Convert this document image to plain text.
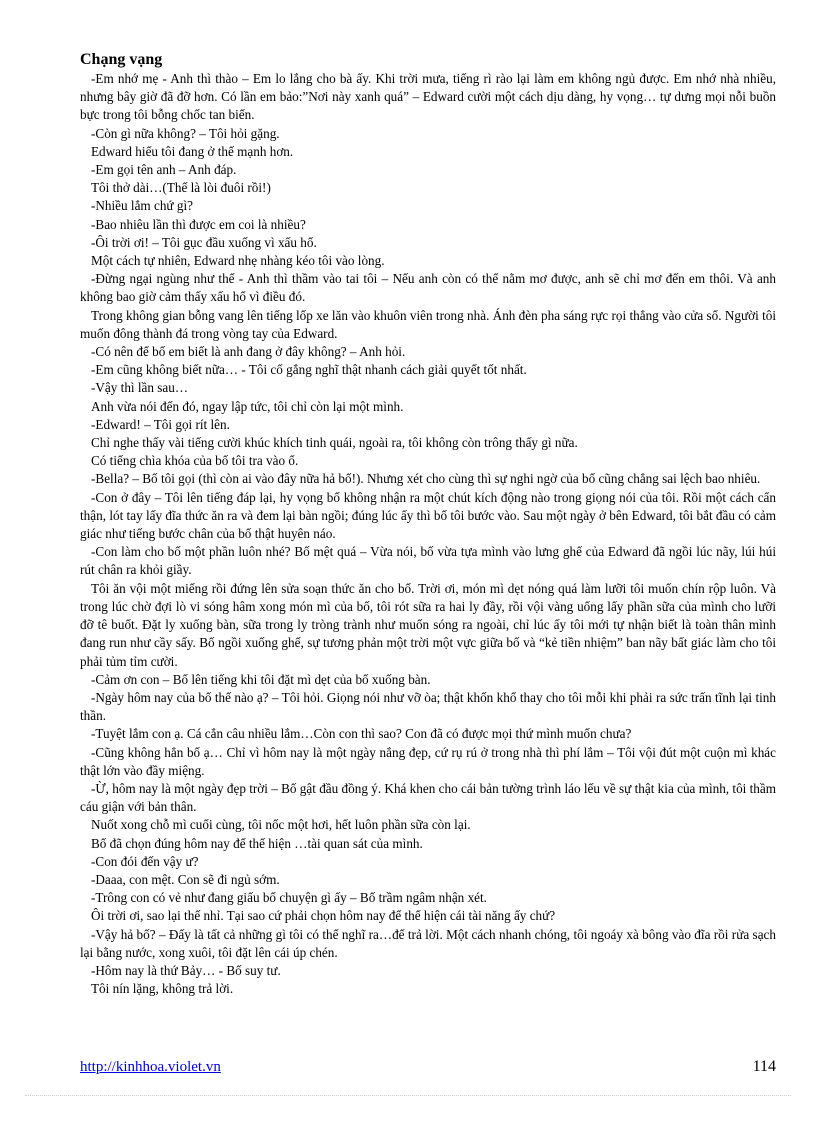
Chạng vạng

-Em nhớ mẹ - Anh thì thào – Em lo lắng cho bà ấy. Khi trời mưa, tiếng rì rào lại làm em không ngủ được. Em nhớ nhà nhiều, nhưng bây giờ đã đỡ hơn. Có lần em bảo:”Nơi này xanh quá” – Edward cười một cách dịu dàng, hy vọng… tự dưng mọi nỗi buồn bực trong tôi bỗng chốc tan biến.

-Còn gì nữa không? – Tôi hỏi gặng.

Edward hiểu tôi đang ở thế mạnh hơn.

-Em gọi tên anh – Anh đáp.

Tôi thở dài…(Thế là lòi đuôi rồi!)

-Nhiều lắm chứ gì?

-Bao nhiêu lần thì được em coi là nhiều?

-Ôi trời ơi! – Tôi gục đầu xuống vì xấu hổ.

Một cách tự nhiên, Edward nhẹ nhàng kéo tôi vào lòng.

-Đừng ngại ngùng như thế - Anh thì thầm vào tai tôi – Nếu anh còn có thể nằm mơ được, anh sẽ chỉ mơ đến em thôi. Và anh không bao giờ cảm thấy xấu hổ vì điều đó.

Trong không gian bỗng vang lên tiếng lốp xe lăn vào khuôn viên trong nhà. Ánh đèn pha sáng rực rọi thẳng vào cửa sổ. Người tôi muốn đông thành đá trong vòng tay của Edward.

-Có nên để bố em biết là anh đang ở đây không? – Anh hỏi.

-Em cũng không biết nữa… - Tôi cố gắng nghĩ thật nhanh cách giải quyết tốt nhất.

-Vậy thì lần sau…

Anh vừa nói đến đó, ngay lập tức, tôi chỉ còn lại một mình.

-Edward! – Tôi gọi rít lên.

Chỉ nghe thấy vài tiếng cười khúc khích tinh quái, ngoài ra, tôi không còn trông thấy gì nữa.

Có tiếng chìa khóa của bố tôi tra vào ổ.

-Bella? – Bố tôi gọi (thì còn ai vào đây nữa hả bố!). Nhưng xét cho cùng thì sự nghi ngờ của bố cũng chẳng sai lệch bao nhiêu.

-Con ở đây – Tôi lên tiếng đáp lại, hy vọng bố không nhận ra một chút kích động nào trong giọng nói của tôi. Rồi một cách cẩn thận, lót tay lấy đĩa thức ăn ra và đem lại bàn ngồi; đúng lúc ấy thì bố tôi bước vào. Sau một ngày ở bên Edward, tôi bắt đầu có cảm giác như tiếng bước chân của bố thật huyên náo.

-Con làm cho bố một phần luôn nhé? Bố mệt quá – Vừa nói, bố vừa tựa mình vào lưng ghế của Edward đã ngồi lúc nãy, lúi húi rút chân ra khỏi giầy.

Tôi ăn vội một miếng rồi đứng lên sửa soạn thức ăn cho bố. Trời ơi, món mì dẹt nóng quá làm lưỡi tôi muốn chín rộp luôn. Và trong lúc chờ đợi lò vi sóng hâm xong món mì của bố, tôi rót sữa ra hai ly đầy, rồi vội vàng uống lấy phần sữa của mình cho lưỡi đỡ tê buốt. Đặt ly xuống bàn, sữa trong ly tròng trành như muốn sóng ra ngoài, chỉ lúc ấy tôi mới tự nhận biết là toàn thân mình đang run như cầy sấy. Bố ngồi xuống ghế, sự tương phản một trời một vực giữa bố và “kẻ tiền nhiệm” ban nãy bất giác làm cho tôi phải tủm tỉm cười.

-Cảm ơn con – Bố lên tiếng khi tôi đặt mì dẹt của bố xuống bàn.

-Ngày hôm nay của bố thế nào ạ? – Tôi hỏi. Giọng nói như vỡ òa; thật khốn khổ thay cho tôi mỗi khi phải ra sức trấn tĩnh lại tinh thần.

-Tuyệt lắm con ạ. Cá cắn câu nhiều lắm…Còn con thì sao? Con đã có được mọi thứ mình muốn chưa?

-Cũng không hẳn bố ạ… Chỉ vì hôm nay là một ngày nắng đẹp, cứ rụ rú ở trong nhà thì phí lắm – Tôi vội đút một cuộn mì khác thật lớn vào đầy miệng.

-Ừ, hôm nay là một ngày đẹp trời – Bố gật đầu đồng ý. Khá khen cho cái bản tường trình láo lếu về sự thật kia của mình, tôi thầm cáu giận với bản thân.

Nuốt xong chỗ mì cuối cùng, tôi nốc một hơi, hết luôn phần sữa còn lại.

Bố đã chọn đúng hôm nay để thể hiện …tài quan sát của mình.

-Con đói đến vậy ư?

-Daaa, con mệt. Con sẽ đi ngủ sớm.

-Trông con có vẻ như đang giấu bố chuyện gì ấy – Bố trầm ngâm nhận xét.

Ôi trời ơi, sao lại thế nhỉ. Tại sao cứ phải chọn hôm nay để thể hiện cái tài năng ấy chứ?

-Vậy hả bố? – Đấy là tất cả những gì tôi có thể nghĩ ra…để trả lời. Một cách nhanh chóng, tôi ngoáy xà bông vào đĩa rồi rửa sạch lại bằng nước, xong xuôi, tôi đặt lên cái úp chén.

-Hôm nay là thứ Bảy… - Bố suy tư.

Tôi nín lặng, không trả lời.

http://kinhhoa.violet.vn	114
